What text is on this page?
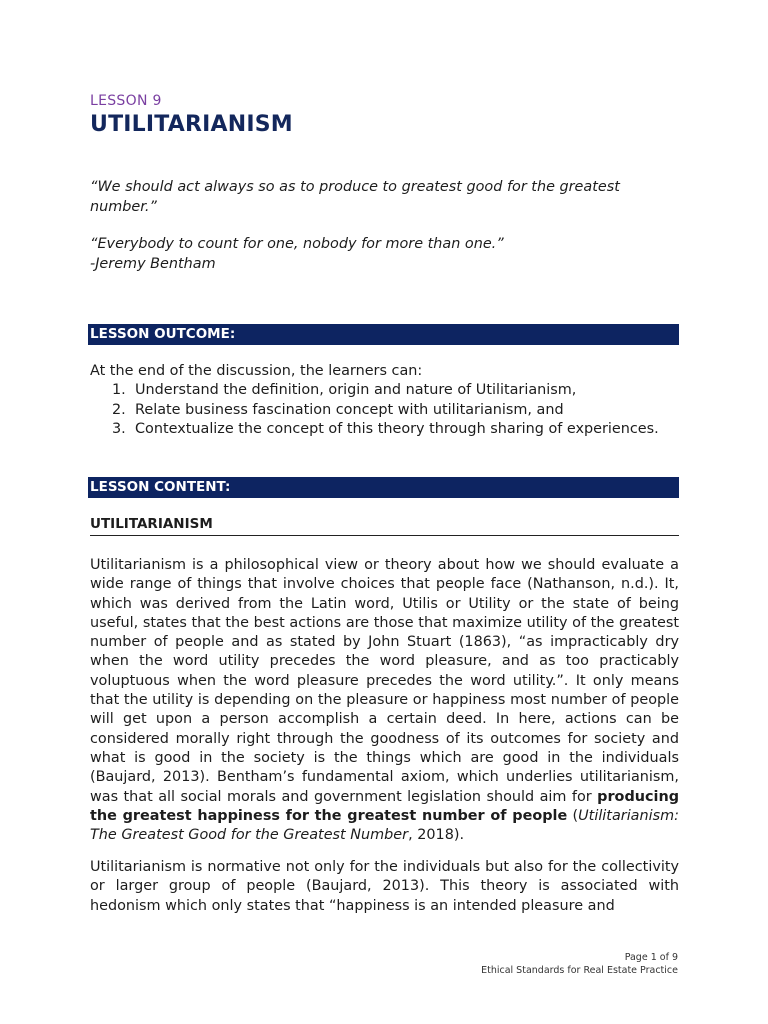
LESSON 9
UTILITARIANISM
“We should act always so as to produce to greatest good for the greatest number.”
“Everybody to count for one, nobody for more than one.”
-Jeremy Bentham
LESSON OUTCOME:
At the end of the discussion, the learners can:
1. Understand the definition, origin and nature of Utilitarianism,
2. Relate business fascination concept with utilitarianism, and
3. Contextualize the concept of this theory through sharing of experiences.
LESSON CONTENT:
UTILITARIANISM

Utilitarianism is a philosophical view or theory about how we should evaluate a wide range of things that involve choices that people face (Nathanson, n.d.). It, which was derived from the Latin word, Utilis or Utility or the state of being useful, states that the best actions are those that maximize utility of the greatest number of people and as stated by John Stuart (1863), “as impracticably dry when the word utility precedes the word pleasure, and as too practicably voluptuous when the word pleasure precedes the word utility.”. It only means that the utility is depending on the pleasure or happiness most number of people will get upon a person accomplish a certain deed. In here, actions can be considered morally right through the goodness of its outcomes for society and what is good in the society is the things which are good in the individuals (Baujard, 2013). Bentham’s fundamental axiom, which underlies utilitarianism, was that all social morals and government legislation should aim for producing the greatest happiness for the greatest number of people (Utilitarianism: The Greatest Good for the Greatest Number, 2018).

Utilitarianism is normative not only for the individuals but also for the collectivity or larger group of people (Baujard, 2013). This theory is associated with hedonism which only states that “happiness is an intended pleasure and

Page 1 of 9
Ethical Standards for Real Estate Practice
